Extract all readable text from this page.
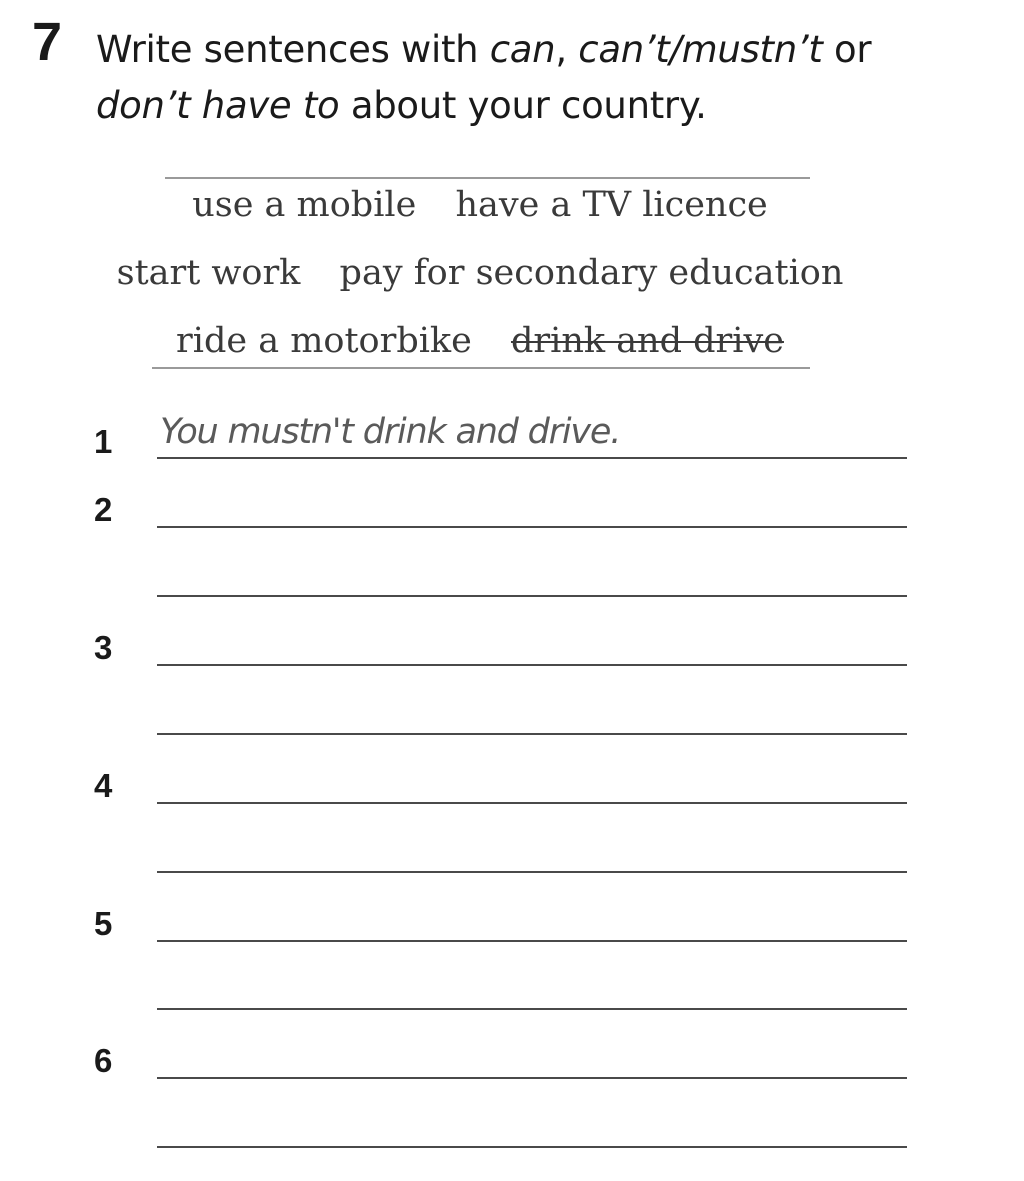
7 Write sentences with can, can’t/mustn’t or
don’t have to about your country.
use a mobile have a TV licence
start work pay for secondary education
ride a motorbike drink and drive
1 You mustn't drink and drive.
2
3
4
5
6
